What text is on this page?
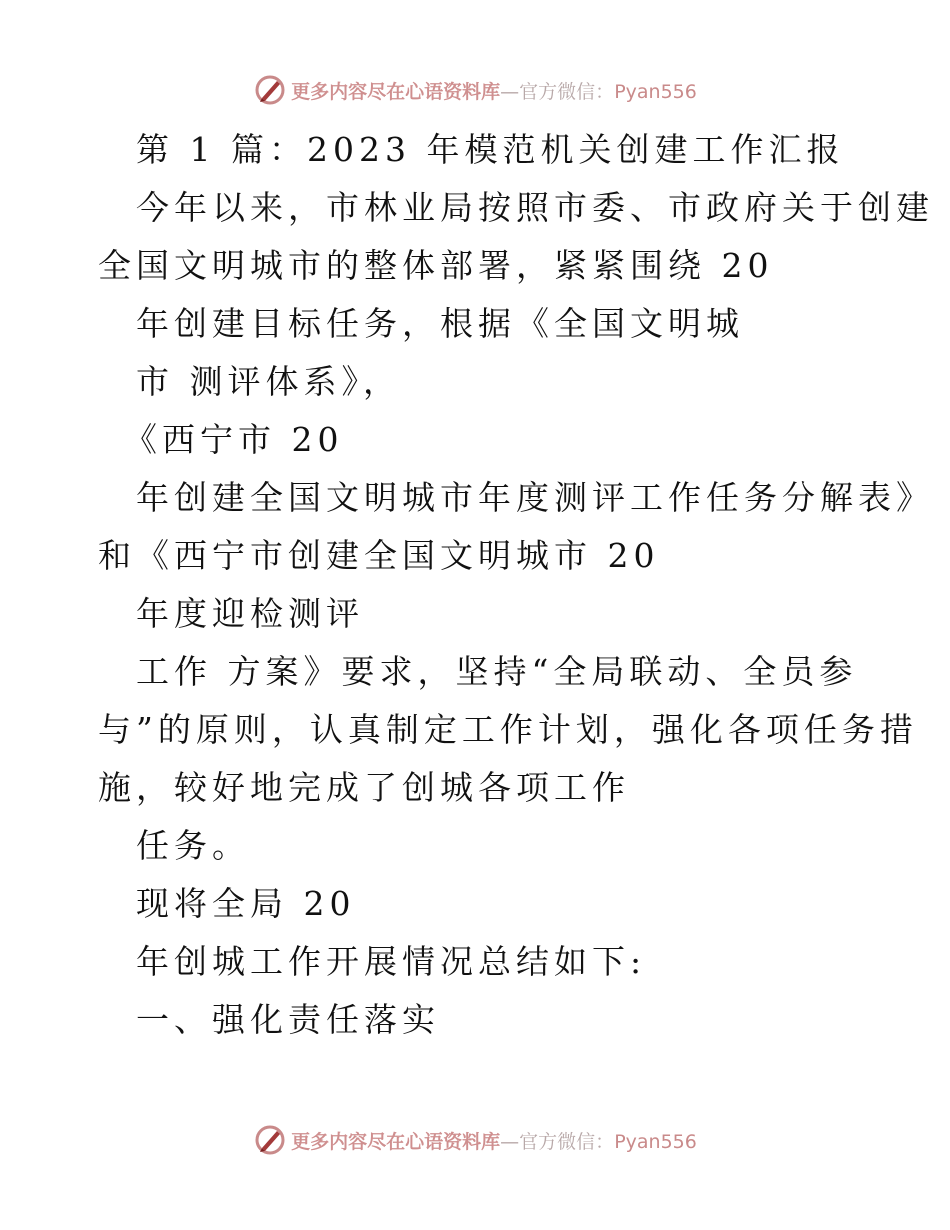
更多内容尽在心语资料库—官方微信：Pyan556
第 1 篇：2023 年模范机关创建工作汇报
今年以来，市林业局按照市委、市政府关于创建
全国文明城市的整体部署，紧紧围绕 20
年创建目标任务，根据《全国文明城
市 测评体系》，
《西宁市 20
年创建全国文明城市年度测评工作任务分解表》
和《西宁市创建全国文明城市 20
年度迎检测评
工作 方案》要求，坚持“全局联动、全员参
与”的原则，认真制定工作计划，强化各项任务措
施，较好地完成了创城各项工作
任务。
现将全局 20
年创城工作开展情况总结如下:
一、强化责任落实
更多内容尽在心语资料库—官方微信：Pyan556
